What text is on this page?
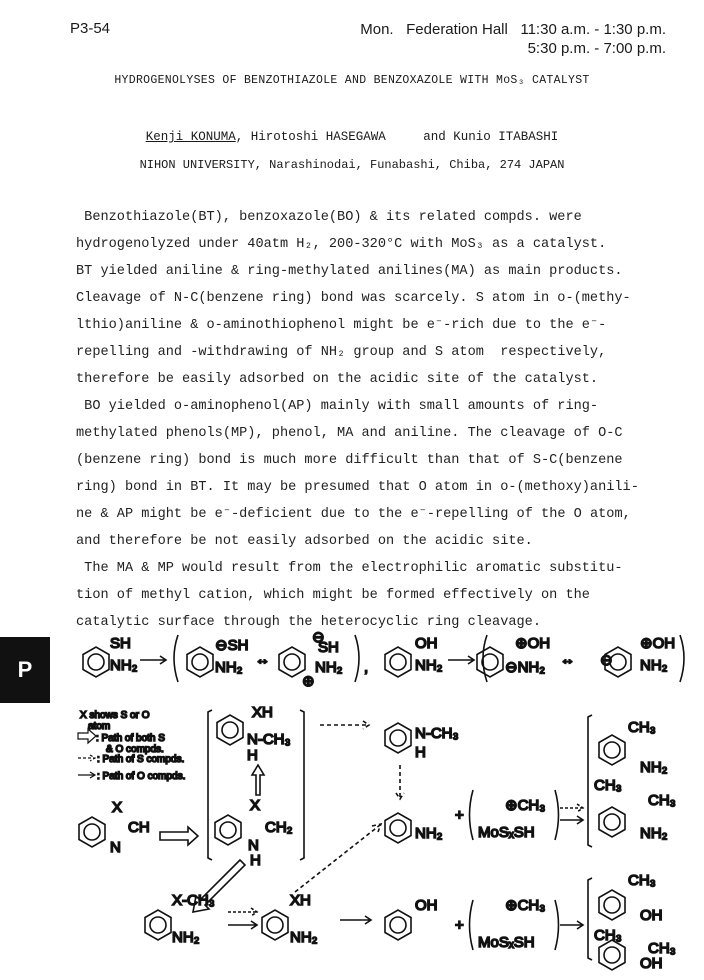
P3-54	Mon. Federation Hall 11:30 a.m. - 1:30 p.m.
5:30 p.m. - 7:00 p.m.
HYDROGENOLYSES OF BENZOTHIAZOLE AND BENZOXAZOLE WITH MoS₃ CATALYST
Kenji KONUMA, Hirotoshi HASEGAWA     and Kunio ITABASHI
NIHON UNIVERSITY, Narashinodai, Funabashi, Chiba, 274 JAPAN
Benzothiazole(BT), benzoxazole(BO) & its related compds. were
hydrogenolyzed under 40atm H₂, 200-320°C with MoS₃ as a catalyst.
BT yielded aniline & ring-methylated anilines(MA) as main products.
Cleavage of N-C(benzene ring) bond was scarcely. S atom in o-(methy-
lthio)aniline & o-aminothiophenol might be e⁻-rich due to the e⁻-
repelling and -withdrawing of NH₂ group and S atom  respectively,
therefore be easily adsorbed on the acidic site of the catalyst.
BO yielded o-aminophenol(AP) mainly with small amounts of ring-
methylated phenols(MP), phenol, MA and aniline. The cleavage of O-C
(benzene ring) bond is much more difficult than that of S-C(benzene
ring) bond in BT. It may be presumed that O atom in o-(methoxy)anili-
ne & AP might be e⁻-deficient due to the e⁻-repelling of the O atom,
and therefore be not easily adsorbed on the acidic site.
The MA & MP would result from the electrophilic aromatic substitu-
tion of methyl cation, which might be formed effectively on the
catalytic surface through the heterocyclic ring cleavage.
P
SH
NH₂
⊖SH
NH₂ ↔
⊖
SH
NH₂
⊕
,
OH
NH₂
⊕OH
⊖NH₂ ↔ ⊖
⊕OH
NH₂
X shows S or O
atom
: Path of both S
& O compds.
: Path of S compds.
: Path of O compds.
XH
N-CH₃
H
X
CH₂
N
H
X
CH
N
N-CH₃
H
NH₂
+
⊕CH₃
MoSₓSH
CH₃
NH₂
CH₃
CH₃
NH₂
X-CH₃
NH₂
XH
NH₂
OH
+
⊕CH₃
MoSₓSH
CH₃
OH
CH₃
CH₃
OH
